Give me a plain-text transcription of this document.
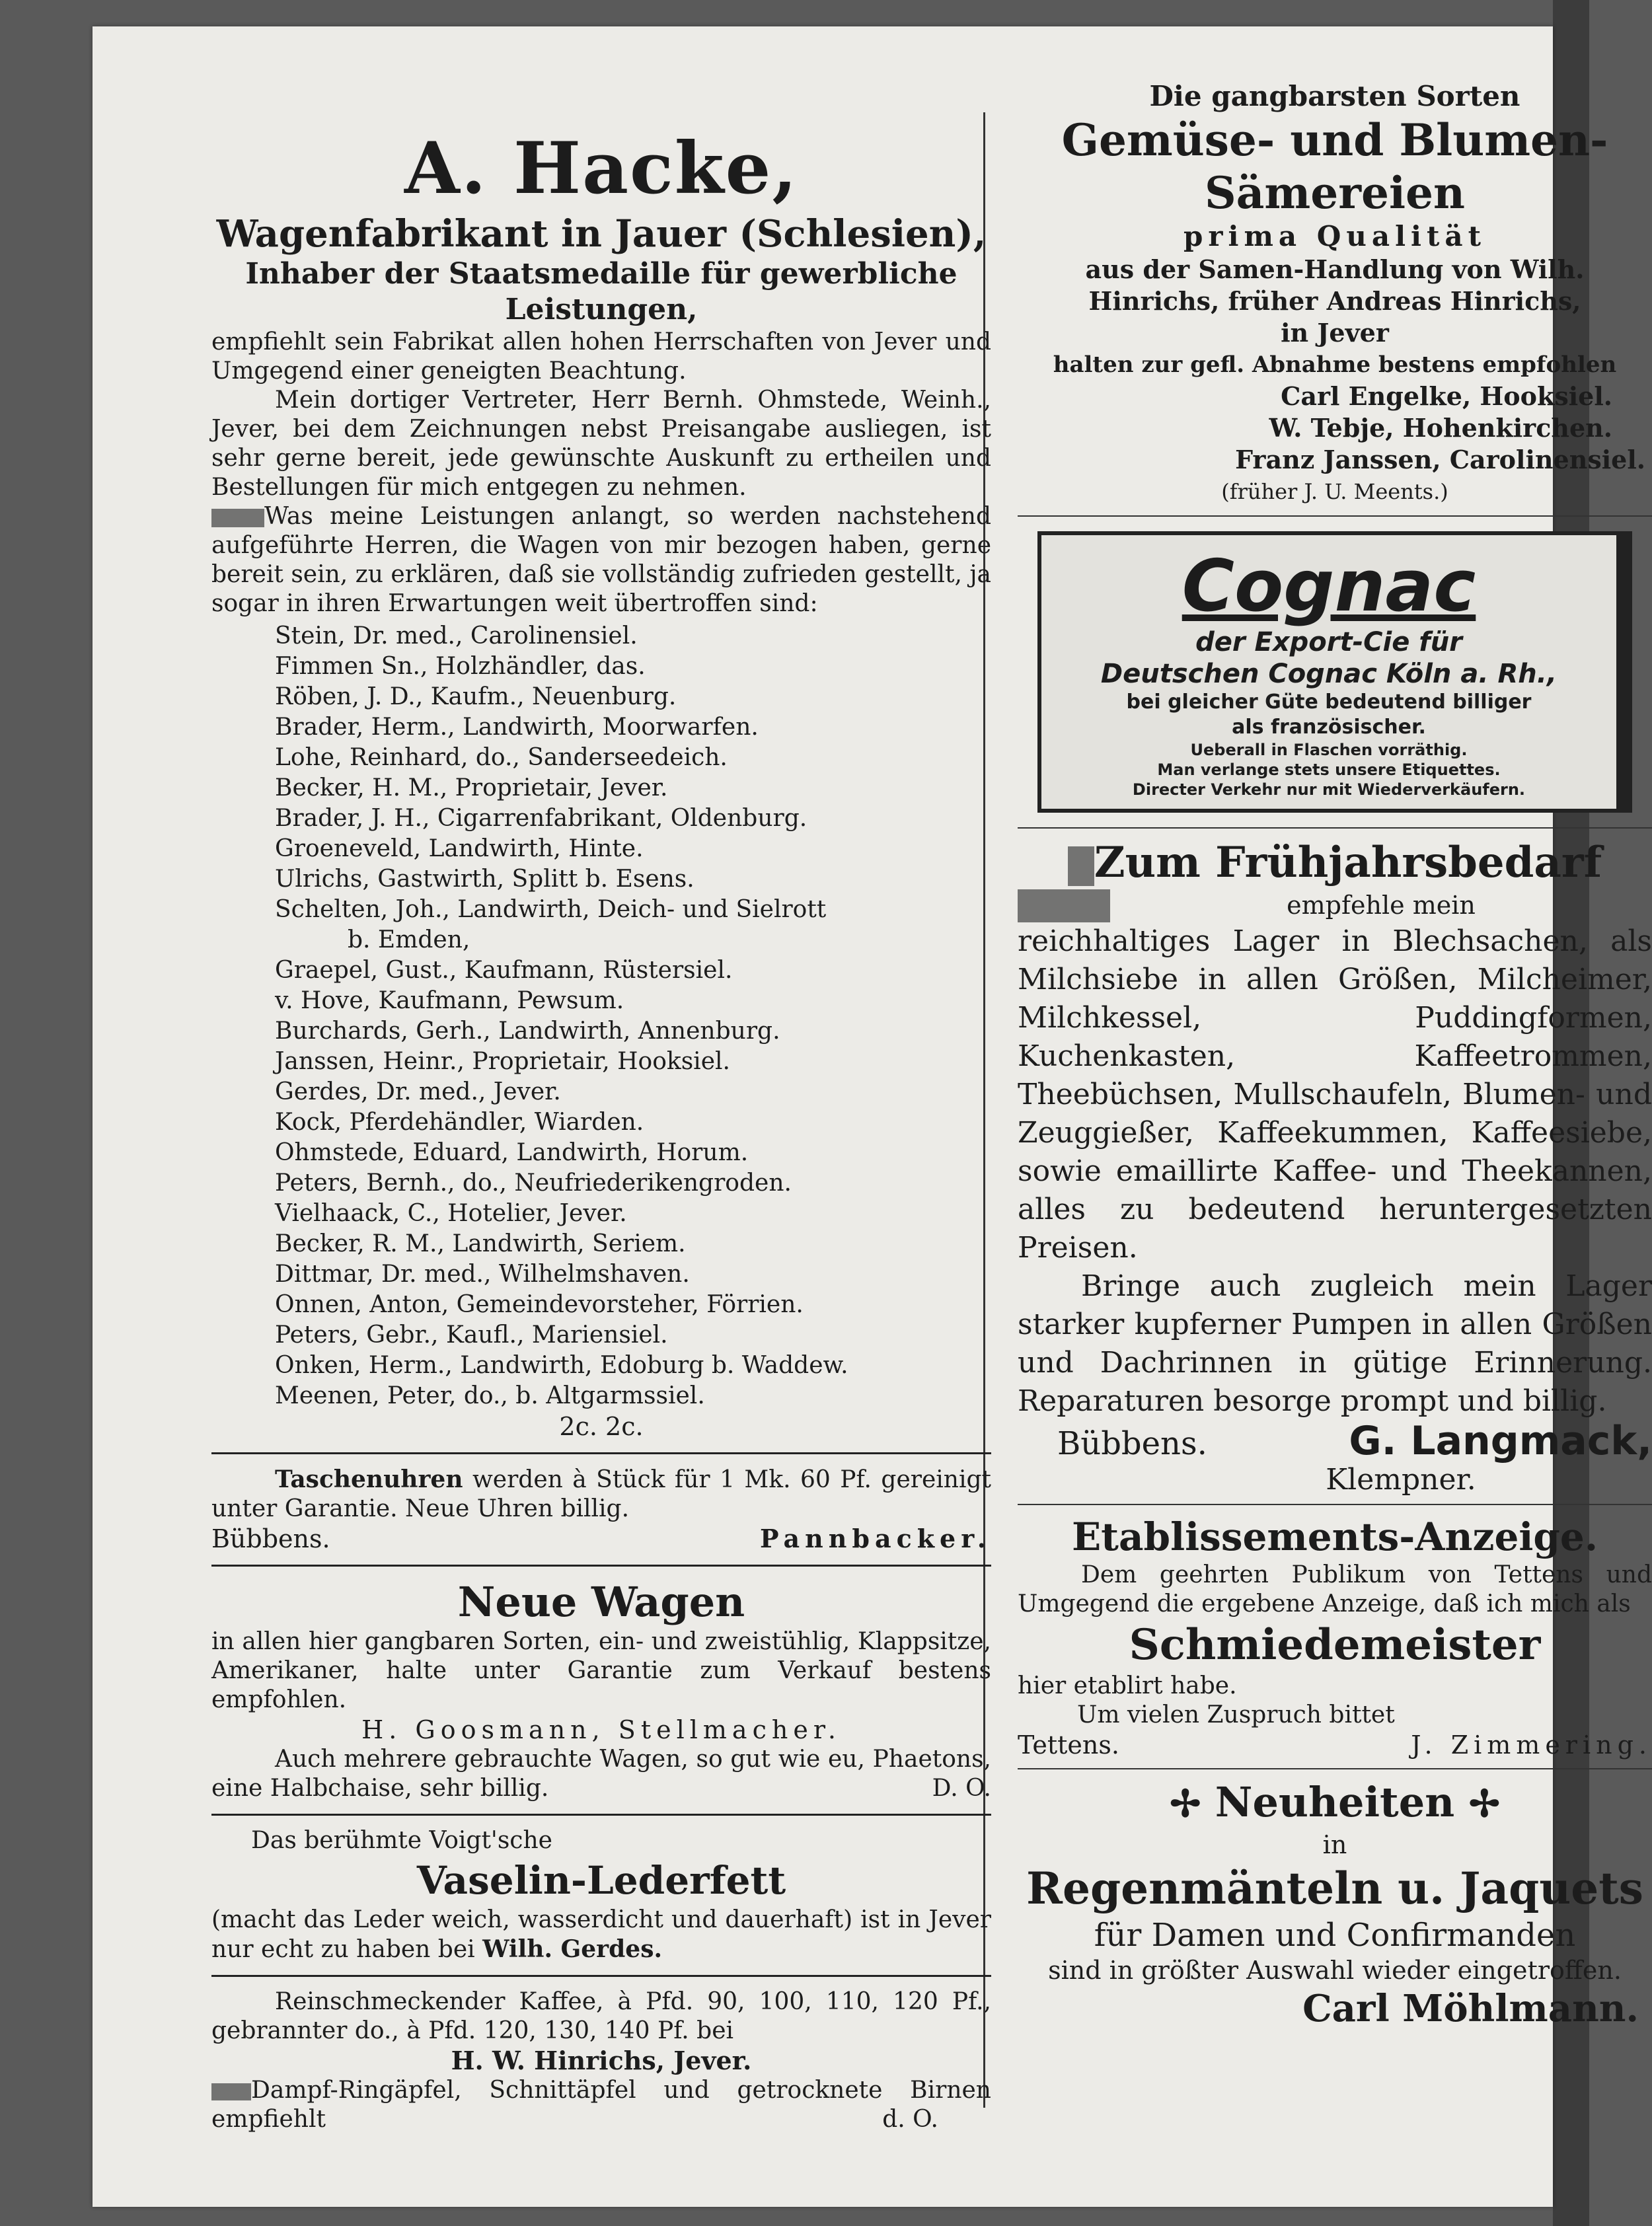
A. Hacke,
Wagenfabrikant in Jauer (Schlesien),
Inhaber der Staatsmedaille für gewerbliche Leistungen,

empfiehlt sein Fabrikat allen hohen Herrschaften von Jever und Umgegend einer geneigten Beachtung.

Mein dortiger Vertreter, Herr Bernh. Ohmstede, Weinh., Jever, bei dem Zeichnungen nebst Preisangabe ausliegen, ist sehr gerne bereit, jede gewünschte Auskunft zu ertheilen und Bestellungen für mich entgegen zu nehmen.

Was meine Leistungen anlangt, so werden nachstehend aufgeführte Herren, die Wagen von mir bezogen haben, gerne bereit sein, zu erklären, daß sie vollständig zufrieden gestellt, ja sogar in ihren Erwartungen weit übertroffen sind:

Stein, Dr. med., Carolinensiel.
Fimmen Sn., Holzhändler, das.
Röben, J. D., Kaufm., Neuenburg.
Brader, Herm., Landwirth, Moorwarfen.
Lohe, Reinhard, do., Sanderseedeich.
Becker, H. M., Proprietair, Jever.
Brader, J. H., Cigarrenfabrikant, Oldenburg.
Groeneveld, Landwirth, Hinte.
Ulrichs, Gastwirth, Splitt b. Esens.
Schelten, Joh., Landwirth, Deich- und Sielrott
b. Emden,
Graepel, Gust., Kaufmann, Rüstersiel.
v. Hove, Kaufmann, Pewsum.
Burchards, Gerh., Landwirth, Annenburg.
Janssen, Heinr., Proprietair, Hooksiel.
Gerdes, Dr. med., Jever.
Kock, Pferdehändler, Wiarden.
Ohmstede, Eduard, Landwirth, Horum.
Peters, Bernh., do., Neufriederikengroden.
Vielhaack, C., Hotelier, Jever.
Becker, R. M., Landwirth, Seriem.
Dittmar, Dr. med., Wilhelmshaven.
Onnen, Anton, Gemeindevorsteher, Förrien.
Peters, Gebr., Kaufl., Mariensiel.
Onken, Herm., Landwirth, Edoburg b. Waddew.
Meenen, Peter, do., b. Altgarmssiel.
2c. 2c.

Taschenuhren werden à Stück für 1 Mk. 60 Pf. gereinigt unter Garantie. Neue Uhren billig.

Bübbens.	Pannbacker.
Neue Wagen

in allen hier gangbaren Sorten, ein- und zweistühlig, Klappsitze, Amerikaner, halte unter Garantie zum Verkauf bestens empfohlen.

H. Goosmann, Stellmacher.

Auch mehrere gebrauchte Wagen, so gut wie eu, Phaetons, eine Halbchaise, sehr billig.	D. O.

Das berühmte Voigt'sche
Vaselin-Lederfett

(macht das Leder weich, wasserdicht und dauerhaft) ist in Jever nur echt zu haben bei Wilh. Gerdes.

Reinschmeckender Kaffee, à Pfd. 90, 100, 110, 120 Pf., gebrannter do., à Pfd. 120, 130, 140 Pf. bei

H. W. Hinrichs, Jever.

Dampf-Ringäpfel, Schnittäpfel und getrocknete Birnen empfiehlt	d. O.

Die gangbarsten Sorten
Gemüse- und Blumen-
Sämereien
prima Qualität
aus der Samen-Handlung von Wilh.
Hinrichs, früher Andreas Hinrichs,
in Jever
halten zur gefl. Abnahme bestens empfohlen
Carl Engelke, Hooksiel.
W. Tebje, Hohenkirchen.
Franz Janssen, Carolinensiel.
(früher J. U. Meents.)
Cognac
der Export-Cie für
Deutschen Cognac Köln a. Rh.,
bei gleicher Güte bedeutend billiger
als französischer.
Ueberall in Flaschen vorräthig.
Man verlange stets unsere Etiquettes.
Directer Verkehr nur mit Wiederverkäufern.
Zum Frühjahrsbedarf
empfehle mein

reichhaltiges Lager in Blechsachen, als Milchsiebe in allen Größen, Milcheimer, Milchkessel, Puddingformen, Kuchenkasten, Kaffeetrommen, Theebüchsen, Mullschaufeln, Blumen- und Zeuggießer, Kaffeekummen, Kaffeesiebe, sowie emaillirte Kaffee- und Theekannen, alles zu bedeutend heruntergesetzten Preisen.

Bringe auch zugleich mein Lager starker kupferner Pumpen in allen Größen und Dachrinnen in gütige Erinnerung. Reparaturen besorge prompt und billig.

Bübbens.	G. Langmack,
Klempner.
Etablissements-Anzeige.

Dem geehrten Publikum von Tettens und Umgegend die ergebene Anzeige, daß ich mich als

Schmiedemeister
hier etablirt habe.
Um vielen Zuspruch bittet
Tettens.	J. Zimmering.
✢ Neuheiten ✢
in
Regenmänteln u. Jaquets
für Damen und Confirmanden
sind in größter Auswahl wieder eingetroffen.
Carl Möhlmann.
